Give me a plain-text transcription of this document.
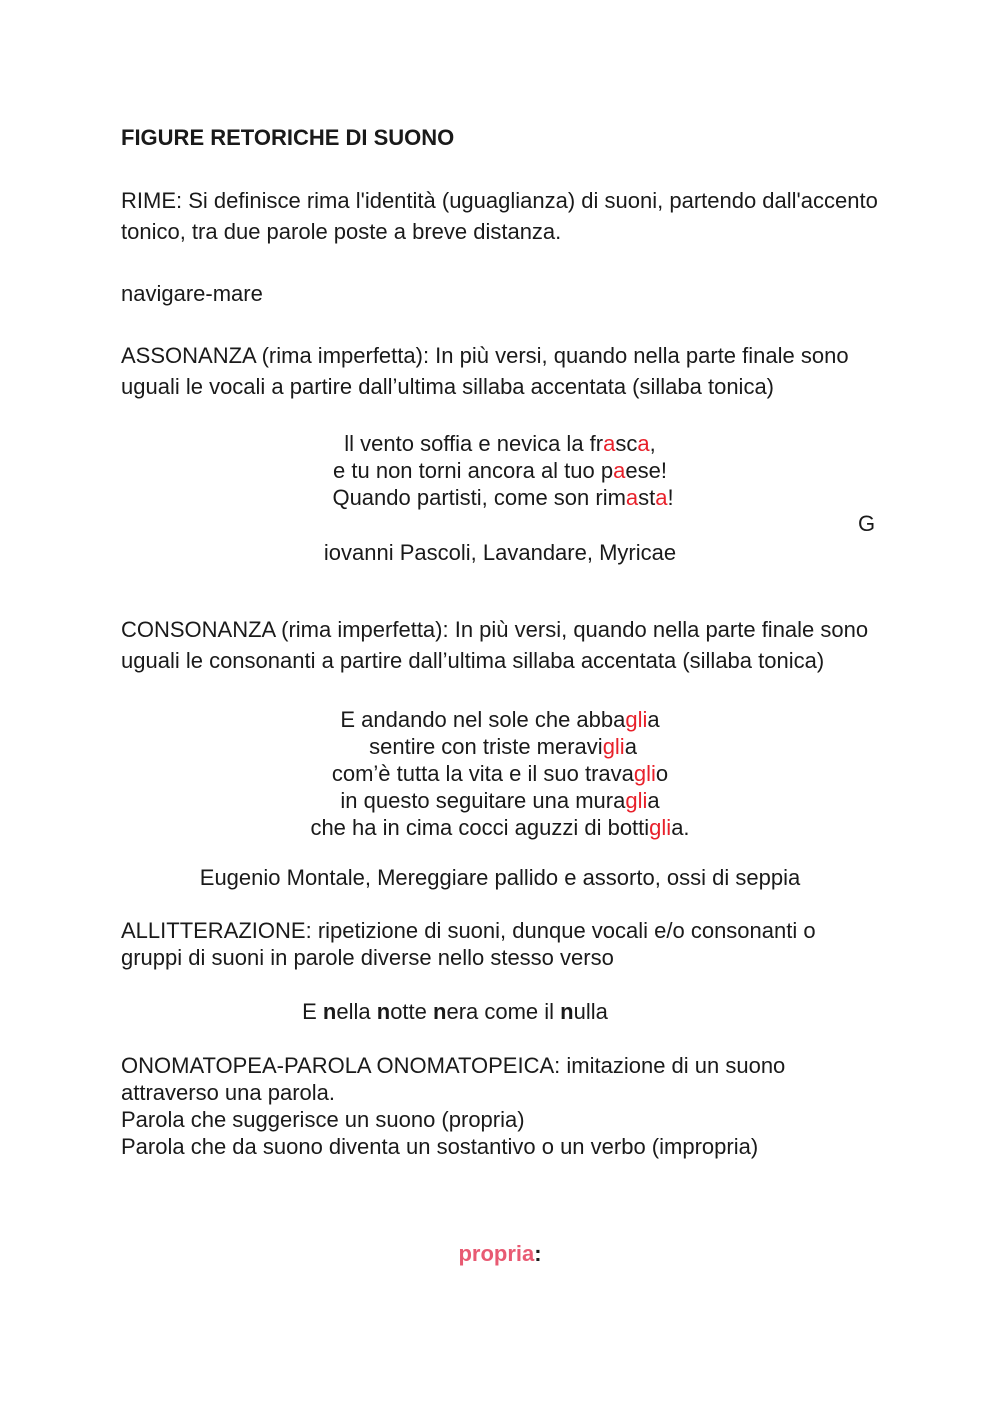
FIGURE RETORICHE DI SUONO
RIME: Si definisce rima l'identità (uguaglianza) di suoni, partendo dall'accento tonico, tra due parole poste a breve distanza.
navigare-mare
ASSONANZA (rima imperfetta): In più versi, quando nella parte finale sono uguali le vocali a partire dall’ultima sillaba accentata (sillaba tonica)
ll vento soffia e nevica la frasca,
e tu non torni ancora al tuo paese!
Quando partisti, come son rimasta!
G
iovanni Pascoli, Lavandare, Myricae
CONSONANZA (rima imperfetta): In più versi, quando nella parte finale sono uguali le consonanti a partire dall’ultima sillaba accentata (sillaba tonica)
E andando nel sole che abbaglia
sentire con triste meraviglia
com’è tutta la vita e il suo travaglio
in questo seguitare una muraglia
che ha in cima cocci aguzzi di bottiglia.
Eugenio Montale, Mereggiare pallido e assorto, ossi di seppia
ALLITTERAZIONE: ripetizione di suoni, dunque vocali e/o consonanti o gruppi di suoni in parole diverse nello stesso verso
E nella notte nera come il nulla
ONOMATOPEA-PAROLA ONOMATOPEICA: imitazione di un suono attraverso una parola.
Parola che suggerisce un suono (propria)
Parola che da suono diventa un sostantivo o un verbo (impropria)
propria:
